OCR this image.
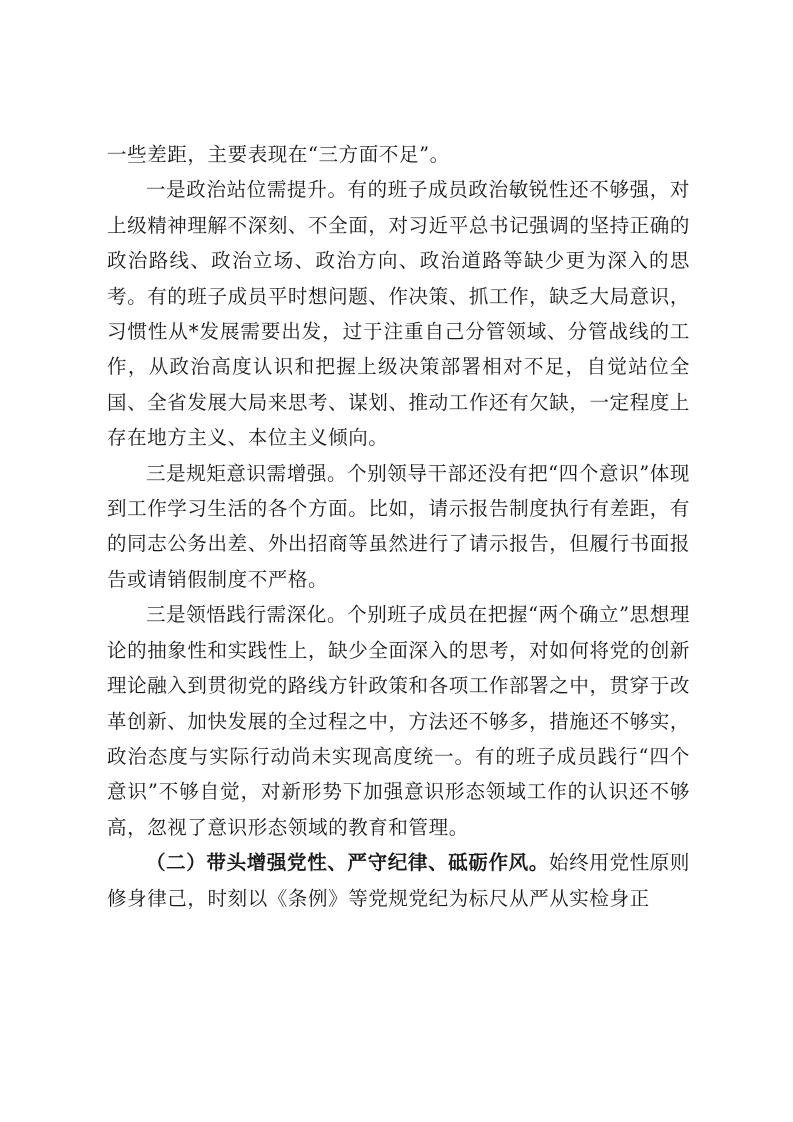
一些差距，主要表现在“三方面不足”。

一是政治站位需提升。有的班子成员政治敏锐性还不够强，对上级精神理解不深刻、不全面，对习近平总书记强调的坚持正确的政治路线、政治立场、政治方向、政治道路等缺少更为深入的思考。有的班子成员平时想问题、作决策、抓工作，缺乏大局意识，习惯性从*发展需要出发，过于注重自己分管领域、分管战线的工作，从政治高度认识和把握上级决策部署相对不足，自觉站位全国、全省发展大局来思考、谋划、推动工作还有欠缺，一定程度上存在地方主义、本位主义倾向。

三是规矩意识需增强。个别领导干部还没有把“四个意识”体现到工作学习生活的各个方面。比如，请示报告制度执行有差距，有的同志公务出差、外出招商等虽然进行了请示报告，但履行书面报告或请销假制度不严格。

三是领悟践行需深化。个别班子成员在把握“两个确立”思想理论的抽象性和实践性上，缺少全面深入的思考，对如何将党的创新理论融入到贯彻党的路线方针政策和各项工作部署之中，贯穿于改革创新、加快发展的全过程之中，方法还不够多，措施还不够实，政治态度与实际行动尚未实现高度统一。有的班子成员践行“四个意识”不够自觉，对新形势下加强意识形态领域工作的认识还不够高，忽视了意识形态领域的教育和管理。

（二）带头增强党性、严守纪律、砥砺作风。始终用党性原则修身律己，时刻以《条例》等党规党纪为标尺从严从实检身正
